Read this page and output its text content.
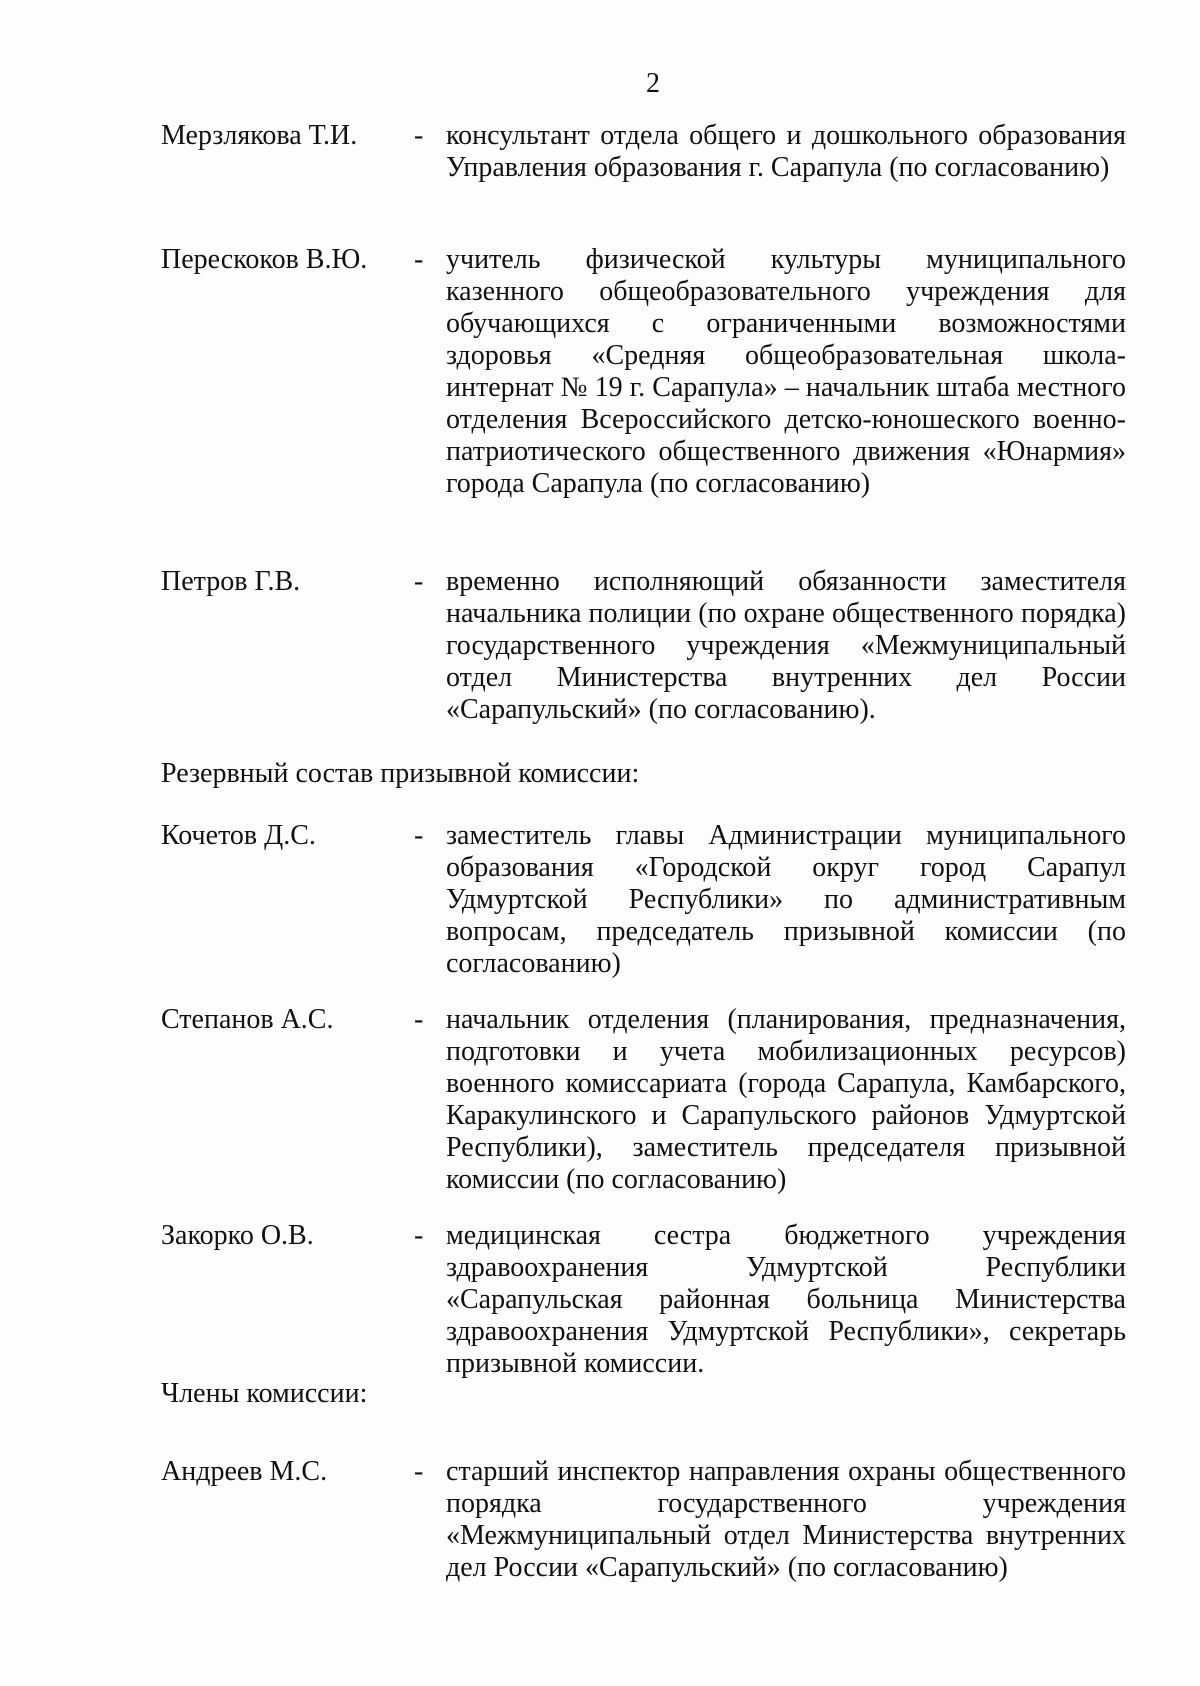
2
Мерзлякова Т.И. - консультант отдела общего и дошкольного образования Управления образования г. Сарапула (по согласованию)
Перескоков В.Ю. - учитель физической культуры муниципального казенного общеобразовательного учреждения для обучающихся с ограниченными возможностями здоровья «Средняя общеобразовательная школа-интернат № 19 г. Сарапула» – начальник штаба местного отделения Всероссийского детско-юношеского военно-патриотического общественного движения «Юнармия» города Сарапула (по согласованию)
Петров Г.В.	- временно исполняющий обязанности заместителя начальника полиции (по охране общественного порядка) государственного учреждения «Межмуниципальный отдел Министерства внутренних дел России «Сарапульский» (по согласованию).
Резервный состав призывной комиссии:
Кочетов Д.С.	- заместитель главы Администрации муниципального образования «Городской округ город Сарапул Удмуртской Республики» по административным вопросам, председатель призывной комиссии (по согласованию)
Степанов А.С.	- начальник отделения (планирования, предназначения, подготовки и учета мобилизационных ресурсов) военного комиссариата (города Сарапула, Камбарского, Каракулинского и Сарапульского районов Удмуртской Республики), заместитель председателя призывной комиссии (по согласованию)
Закорко О.В.	- медицинская сестра бюджетного учреждения здравоохранения Удмуртской Республики «Сарапульская районная больница Министерства здравоохранения Удмуртской Республики», секретарь призывной комиссии.
Члены комиссии:
Андреев М.С.	- старший инспектор направления охраны общественного порядка государственного учреждения «Межмуниципальный отдел Министерства внутренних дел России «Сарапульский» (по согласованию)
